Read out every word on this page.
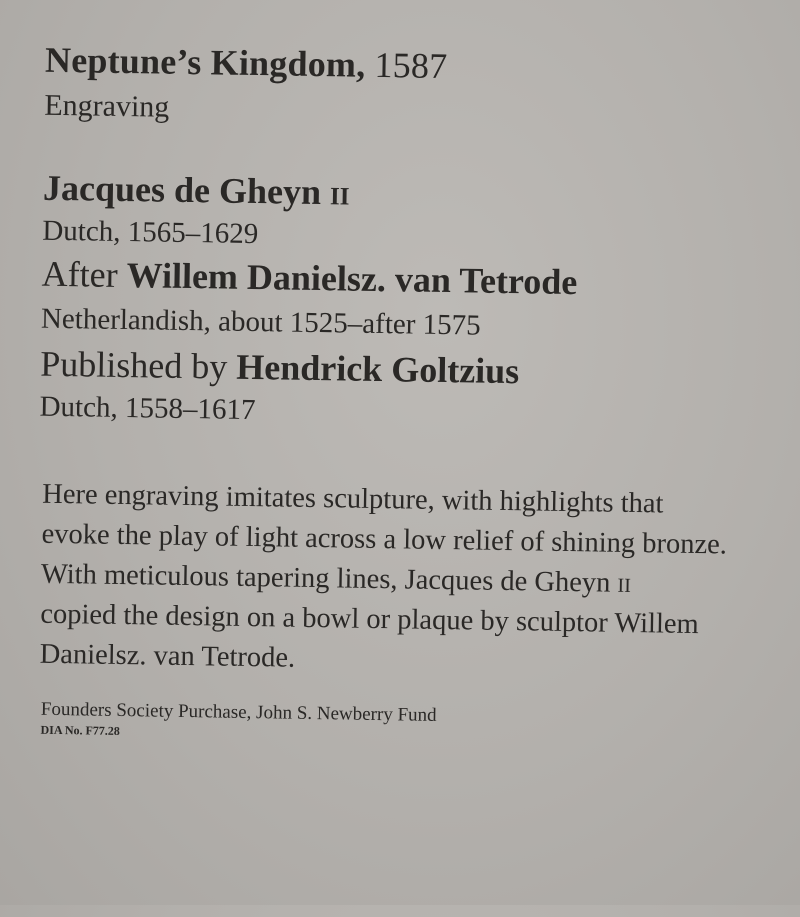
Neptune’s Kingdom, 1587
Engraving
Jacques de Gheyn ii
Dutch, 1565–1629
After Willem Danielsz. van Tetrode
Netherlandish, about 1525–after 1575
Published by Hendrick Goltzius
Dutch, 1558–1617
Here engraving imitates sculpture, with highlights that
evoke the play of light across a low relief of shining bronze.
With meticulous tapering lines, Jacques de Gheyn ii
copied the design on a bowl or plaque by sculptor Willem
Danielsz. van Tetrode.
Founders Society Purchase, John S. Newberry Fund
DIA No. F77.28
